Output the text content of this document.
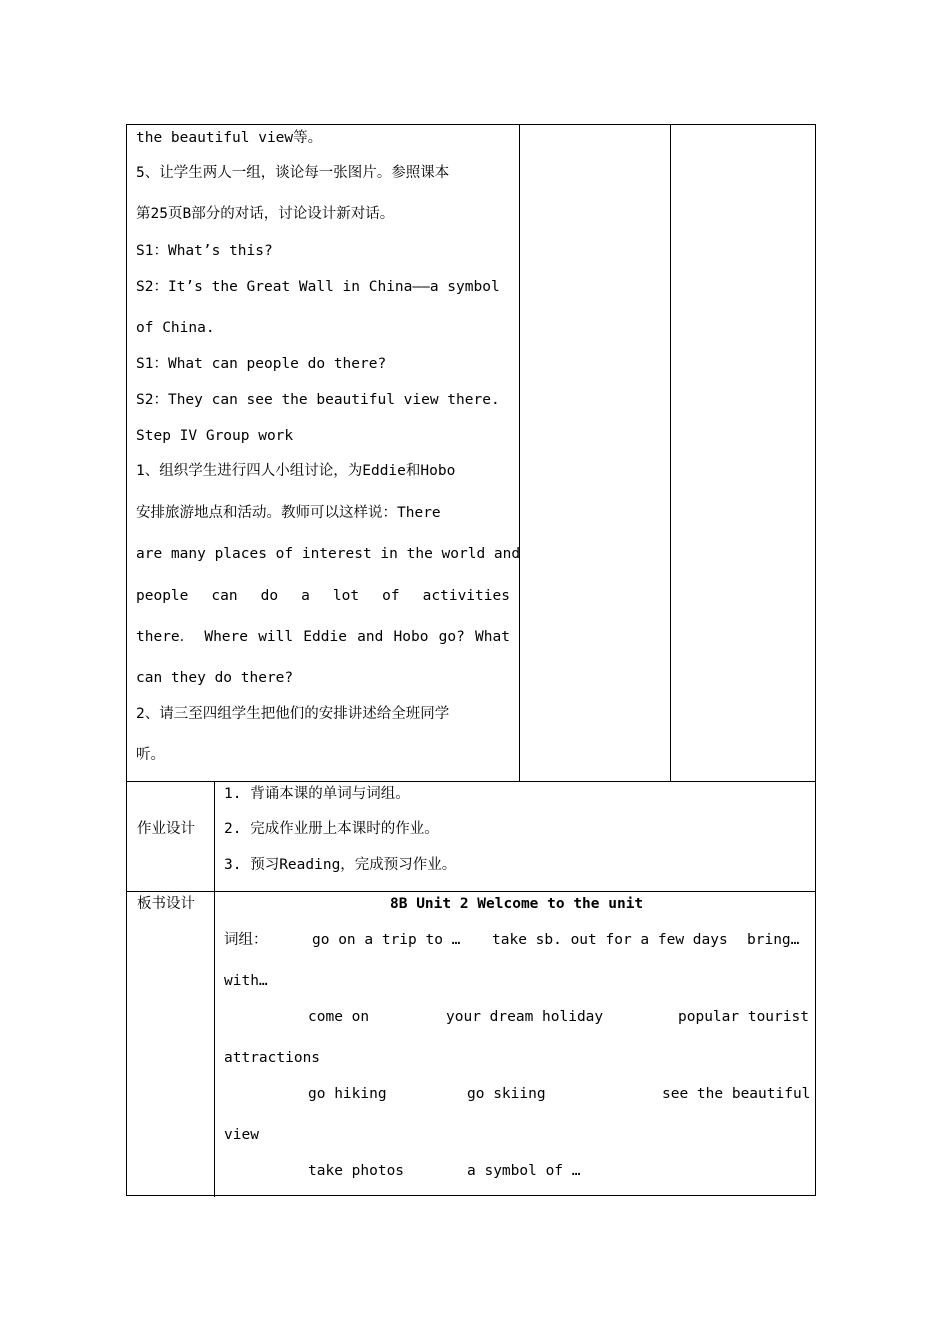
the beautiful view等。
5、让学生两人一组，谈论每一张图片。参照课本
第25页B部分的对话，讨论设计新对话。
S1：What’s this?
S2：It’s the Great Wall in China——a symbol
of China.
S1：What can people do there?
S2：They can see the beautiful view there.
Step IV Group work
1、组织学生进行四人小组讨论，为Eddie和Hobo
安排旅游地点和活动。教师可以这样说：There
are many places of interest in the world and
people can do a lot of activities
there． Where will Eddie and Hobo go? What
can they do there?
2、请三至四组学生把他们的安排讲述给全班同学
听。
作业设计
1. 背诵本课的单词与词组。
2. 完成作业册上本课时的作业。
3. 预习Reading，完成预习作业。
板书设计	8B Unit 2 Welcome to the unit
词组：	go on a trip to … take sb. out for a few days bring…
with…
come on	your dream holiday	popular tourist
attractions
go hiking	go skiing	see the beautiful
view
take photos	a symbol of …
